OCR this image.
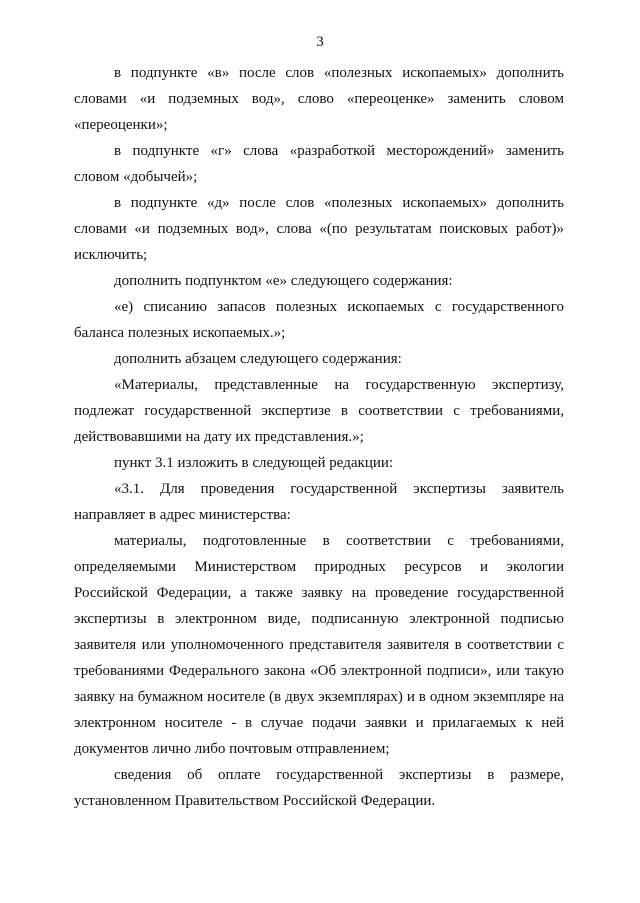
3

в подпункте «в» после слов «полезных ископаемых» дополнить словами «и подземных вод», слово «переоценке» заменить словом «переоценки»;

в подпункте «г» слова «разработкой месторождений» заменить словом «добычей»;

в подпункте «д» после слов «полезных ископаемых» дополнить словами «и подземных вод», слова «(по результатам поисковых работ)» исключить;

дополнить подпунктом «е» следующего содержания:

«е) списанию запасов полезных ископаемых с государственного баланса полезных ископаемых.»;

дополнить абзацем следующего содержания:

«Материалы, представленные на государственную экспертизу, подлежат государственной экспертизе в соответствии с требованиями, действовавшими на дату их представления.»;

пункт 3.1 изложить в следующей редакции:

«3.1. Для проведения государственной экспертизы заявитель направляет в адрес министерства:

материалы, подготовленные в соответствии с требованиями, определяемыми Министерством природных ресурсов и экологии Российской Федерации, а также заявку на проведение государственной экспертизы в электронном виде, подписанную электронной подписью заявителя или уполномоченного представителя заявителя в соответствии с требованиями Федерального закона «Об электронной подписи», или такую заявку на бумажном носителе (в двух экземплярах) и в одном экземпляре на электронном носителе - в случае подачи заявки и прилагаемых к ней документов лично либо почтовым отправлением;

сведения об оплате государственной экспертизы в размере, установленном Правительством Российской Федерации.
